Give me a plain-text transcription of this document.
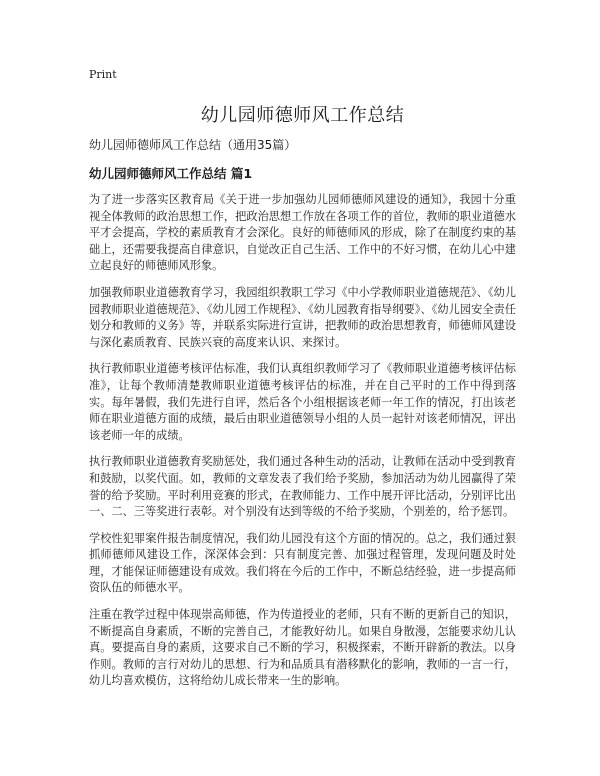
Print

幼儿园师德师风工作总结

幼儿园师德师风工作总结（通用35篇）

幼儿园师德师风工作总结 篇1

为了进一步落实区教育局《关于进一步加强幼儿园师德师风建设的通知》，我园十分重视全体教师的政治思想工作，把政治思想工作放在各项工作的首位，教师的职业道德水平才会提高，学校的素质教育才会深化。良好的师德师风的形成，除了在制度约束的基础上，还需要我提高自律意识，自觉改正自己生活、工作中的不好习惯，在幼儿心中建立起良好的师德师风形象。

加强教师职业道德教育学习，我园组织教职工学习《中小学教师职业道德规范》、《幼儿园教师职业道德规范》、《幼儿园工作规程》、《幼儿园教育指导纲要》、《幼儿园安全责任划分和教师的义务》等，并联系实际进行宣讲，把教师的政治思想教育，师德师风建设与深化素质教育、民族兴衰的高度来认识、来探讨。

执行教师职业道德考核评估标准，我们认真组织教师学习了《教师职业道德考核评估标准》，让每个教师清楚教师职业道德考核评估的标准，并在自己平时的工作中得到落实。每年暑假，我们先进行自评，然后各个小组根据该老师一年工作的情况，打出该老师在职业道德方面的成绩，最后由职业道德领导小组的人员一起针对该老师情况，评出该老师一年的成绩。

执行教师职业道德教育奖励惩处，我们通过各种生动的活动，让教师在活动中受到教育和鼓励，以奖代面。如，教师的文章发表了我们给予奖励，参加活动为幼儿园赢得了荣誉的给予奖励。平时利用竞赛的形式，在教师能力、工作中展开评比活动，分别评比出一、二、三等奖进行表彰。对个别没有达到等级的不给予奖励，个别差的，给予惩罚。

学校性犯罪案件报告制度情况，我们幼儿园没有这个方面的情况的。总之，我们通过狠抓师德师风建设工作，深深体会到：只有制度完善、加强过程管理，发现问题及时处理，才能保证师德建设有成效。我们将在今后的工作中，不断总结经验，进一步提高师资队伍的师德水平。

注重在教学过程中体现崇高师德，作为传道授业的老师，只有不断的更新自己的知识，不断提高自身素质，不断的完善自己，才能教好幼儿。如果自身散漫，怎能要求幼儿认真。要提高自身的素质，这要求自己不断的学习，积极探索，不断开辟新的教法。以身作则。教师的言行对幼儿的思想、行为和品质具有潜移默化的影响，教师的一言一行，幼儿均喜欢模仿，这将给幼儿成长带来一生的影响。
